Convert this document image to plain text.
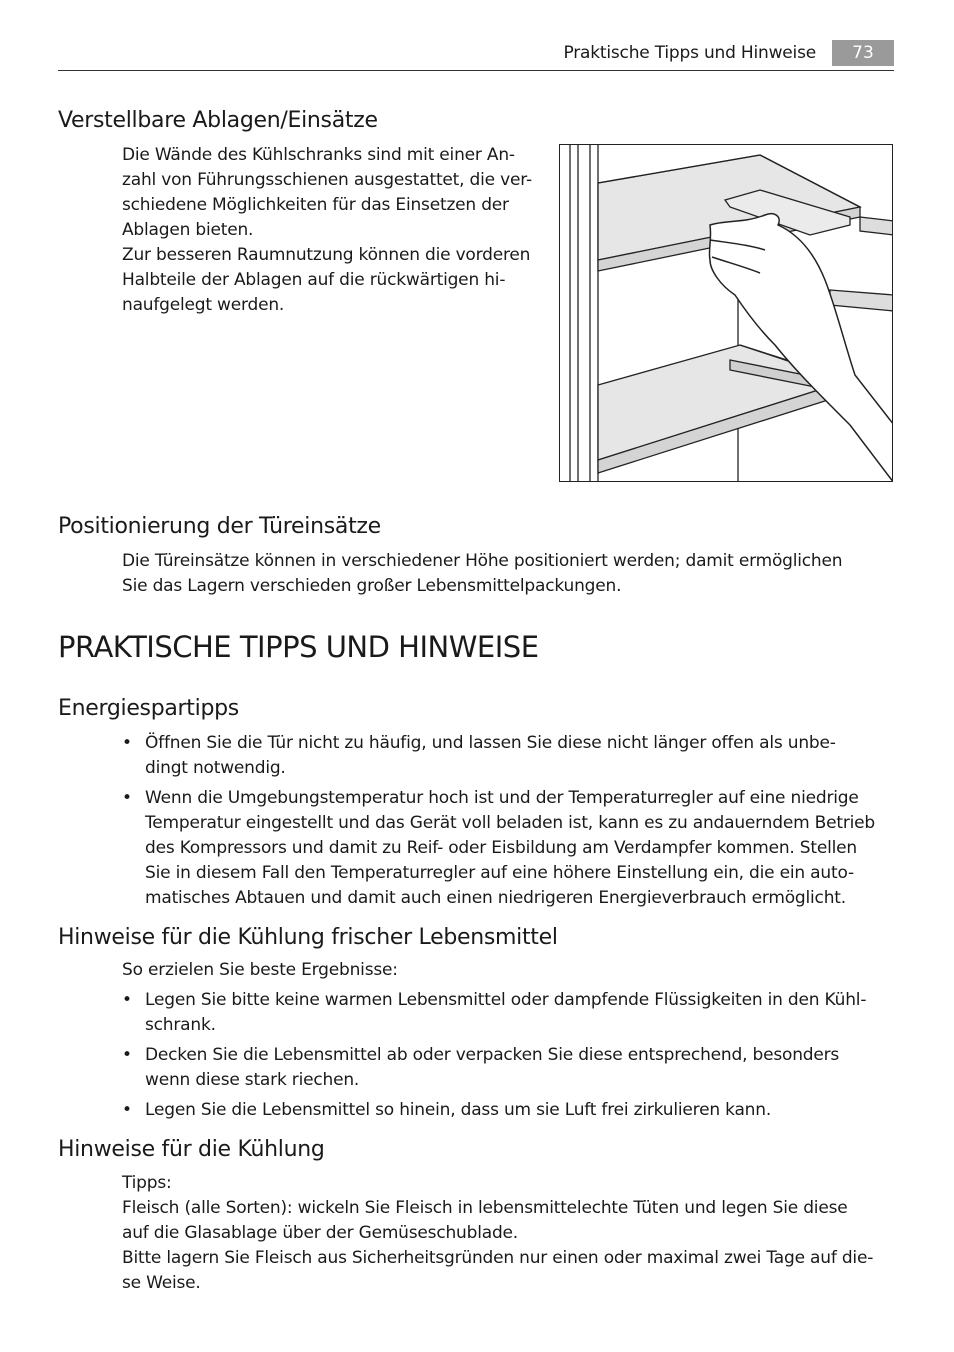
Praktische Tipps und Hinweise	73
Verstellbare Ablagen/Einsätze

Die Wände des Kühlschranks sind mit einer An-
zahl von Führungsschienen ausgestattet, die ver-
schiedene Möglichkeiten für das Einsetzen der
Ablagen bieten.
Zur besseren Raumnutzung können die vorderen
Halbteile der Ablagen auf die rückwärtigen hi-
naufgelegt werden.

Positionierung der Türeinsätze

Die Türeinsätze können in verschiedener Höhe positioniert werden; damit ermöglichen
Sie das Lagern verschieden großer Lebensmittelpackungen.

PRAKTISCHE TIPPS UND HINWEISE
Energiespartipps
• Öffnen Sie die Tür nicht zu häufig, und lassen Sie diese nicht länger offen als unbe-
dingt notwendig.
• Wenn die Umgebungstemperatur hoch ist und der Temperaturregler auf eine niedrige
Temperatur eingestellt und das Gerät voll beladen ist, kann es zu andauerndem Betrieb
des Kompressors und damit zu Reif- oder Eisbildung am Verdampfer kommen. Stellen
Sie in diesem Fall den Temperaturregler auf eine höhere Einstellung ein, die ein auto-
matisches Abtauen und damit auch einen niedrigeren Energieverbrauch ermöglicht.
Hinweise für die Kühlung frischer Lebensmittel

So erzielen Sie beste Ergebnisse:

• Legen Sie bitte keine warmen Lebensmittel oder dampfende Flüssigkeiten in den Kühl-
schrank.
• Decken Sie die Lebensmittel ab oder verpacken Sie diese entsprechend, besonders
wenn diese stark riechen.
• Legen Sie die Lebensmittel so hinein, dass um sie Luft frei zirkulieren kann.
Hinweise für die Kühlung

Tipps:
Fleisch (alle Sorten): wickeln Sie Fleisch in lebensmittelechte Tüten und legen Sie diese
auf die Glasablage über der Gemüseschublade.
Bitte lagern Sie Fleisch aus Sicherheitsgründen nur einen oder maximal zwei Tage auf die-
se Weise.
